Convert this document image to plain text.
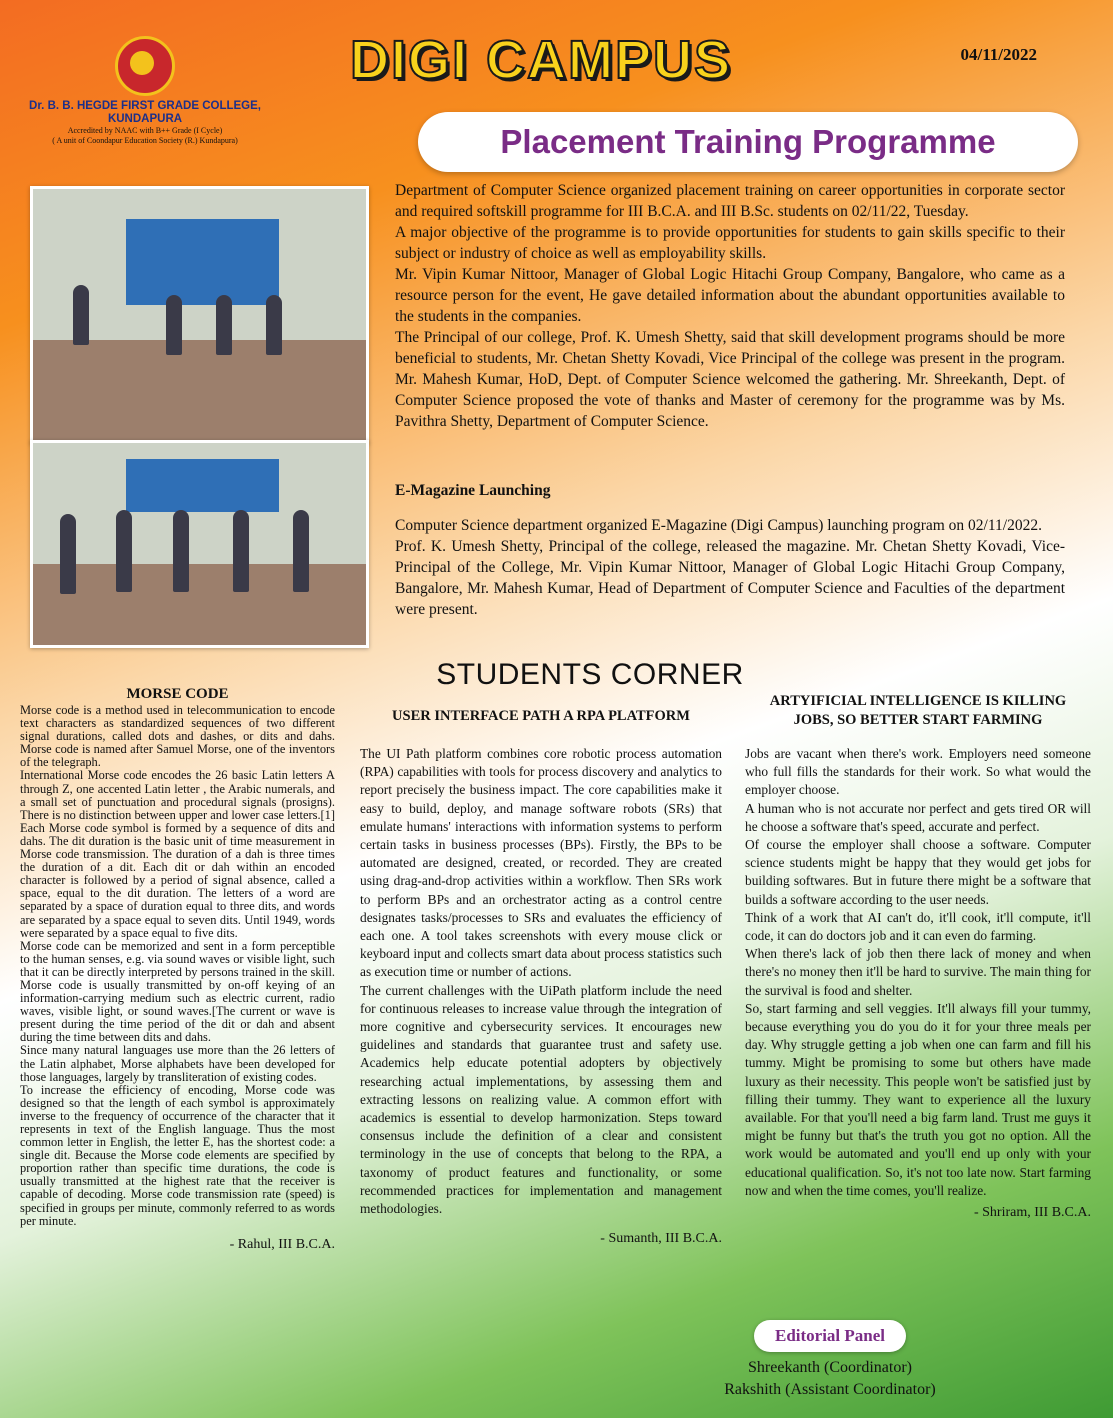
Dr. B. B. HEGDE FIRST GRADE COLLEGE,
KUNDAPURA
Accredited by NAAC with B++ Grade (I Cycle)
( A unit of Coondapur Education Society (R.) Kundapura)
DIGI CAMPUS	04/11/2022
Placement Training Programme

Department of Computer Science organized placement training on career opportunities in corporate sector and required softskill programme for III B.C.A. and III B.Sc. students on 02/11/22, Tuesday.

A major objective of the programme is to provide opportunities for students to gain skills specific to their subject or industry of choice as well as employability skills.

Mr. Vipin Kumar Nittoor, Manager of Global Logic Hitachi Group Company, Bangalore, who came as a resource person for the event, He gave detailed information about the abundant opportunities available to the students in the companies.

The Principal of our college, Prof. K. Umesh Shetty, said that skill development programs should be more beneficial to students, Mr. Chetan Shetty Kovadi, Vice Principal of the college was present in the program. Mr. Mahesh Kumar, HoD, Dept. of Computer Science welcomed the gathering. Mr. Shreekanth, Dept. of Computer Science proposed the vote of thanks and Master of ceremony for the programme was by Ms. Pavithra Shetty, Department of Computer Science.

E-Magazine Launching

Computer Science department organized E-Magazine (Digi Campus) launching program on 02/11/2022.

Prof. K. Umesh Shetty, Principal of the college, released the magazine. Mr. Chetan Shetty Kovadi, Vice-Principal of the College, Mr. Vipin Kumar Nittoor, Manager of Global Logic Hitachi Group Company, Bangalore, Mr. Mahesh Kumar, Head of Department of Computer Science and Faculties of the department were present.

STUDENTS CORNER
MORSE CODE

Morse code is a method used in telecommunication to encode text characters as standardized sequences of two different signal durations, called dots and dashes, or dits and dahs. Morse code is named after Samuel Morse, one of the inventors of the telegraph.

International Morse code encodes the 26 basic Latin letters A through Z, one accented Latin letter , the Arabic numerals, and a small set of punctuation and procedural signals (prosigns). There is no distinction between upper and lower case letters.[1] Each Morse code symbol is formed by a sequence of dits and dahs. The dit duration is the basic unit of time measurement in Morse code transmission. The duration of a dah is three times the duration of a dit. Each dit or dah within an encoded character is followed by a period of signal absence, called a space, equal to the dit duration. The letters of a word are separated by a space of duration equal to three dits, and words are separated by a space equal to seven dits. Until 1949, words were separated by a space equal to five dits.

Morse code can be memorized and sent in a form perceptible to the human senses, e.g. via sound waves or visible light, such that it can be directly interpreted by persons trained in the skill. Morse code is usually transmitted by on-off keying of an information-carrying medium such as electric current, radio waves, visible light, or sound waves.[The current or wave is present during the time period of the dit or dah and absent during the time between dits and dahs.

Since many natural languages use more than the 26 letters of the Latin alphabet, Morse alphabets have been developed for those languages, largely by transliteration of existing codes.

To increase the efficiency of encoding, Morse code was designed so that the length of each symbol is approximately inverse to the frequency of occurrence of the character that it represents in text of the English language. Thus the most common letter in English, the letter E, has the shortest code: a single dit. Because the Morse code elements are specified by proportion rather than specific time durations, the code is usually transmitted at the highest rate that the receiver is capable of decoding. Morse code transmission rate (speed) is specified in groups per minute, commonly referred to as words per minute.

- Rahul, III B.C.A.
USER INTERFACE PATH A RPA PLATFORM

The UI Path platform combines core robotic process automation (RPA) capabilities with tools for process discovery and analytics to report precisely the business impact. The core capabilities make it easy to build, deploy, and manage software robots (SRs) that emulate humans' interactions with information systems to perform certain tasks in business processes (BPs). Firstly, the BPs to be automated are designed, created, or recorded. They are created using drag-and-drop activities within a workflow. Then SRs work to perform BPs and an orchestrator acting as a control centre designates tasks/processes to SRs and evaluates the efficiency of each one. A tool takes screenshots with every mouse click or keyboard input and collects smart data about process statistics such as execution time or number of actions.

The current challenges with the UiPath platform include the need for continuous releases to increase value through the integration of more cognitive and cybersecurity services. It encourages new guidelines and standards that guarantee trust and safety use. Academics help educate potential adopters by objectively researching actual implementations, by assessing them and extracting lessons on realizing value. A common effort with academics is essential to develop harmonization. Steps toward consensus include the definition of a clear and consistent terminology in the use of concepts that belong to the RPA, a taxonomy of product features and functionality, or some recommended practices for implementation and management methodologies.

- Sumanth, III B.C.A.
ARTYIFICIAL INTELLIGENCE IS KILLING
JOBS, SO BETTER START FARMING

Jobs are vacant when there's work. Employers need someone who full fills the standards for their work. So what would the employer choose.

A human who is not accurate nor perfect and gets tired OR will he choose a software that's speed, accurate and perfect.

Of course the employer shall choose a software. Computer science students might be happy that they would get jobs for building softwares. But in future there might be a software that builds a software according to the user needs.

Think of a work that AI can't do, it'll cook, it'll compute, it'll code, it can do doctors job and it can even do farming.

When there's lack of job then there lack of money and when there's no money then it'll be hard to survive. The main thing for the survival is food and shelter.

So, start farming and sell veggies. It'll always fill your tummy, because everything you do you do it for your three meals per day. Why struggle getting a job when one can farm and fill his tummy. Might be promising to some but others have made luxury as their necessity. This people won't be satisfied just by filling their tummy. They want to experience all the luxury available. For that you'll need a big farm land. Trust me guys it might be funny but that's the truth you got no option. All the work would be automated and you'll end up only with your educational qualification. So, it's not too late now. Start farming now and when the time comes, you'll realize.

- Shriram, III B.C.A.
Editorial Panel
Shreekanth (Coordinator)
Rakshith (Assistant Coordinator)
